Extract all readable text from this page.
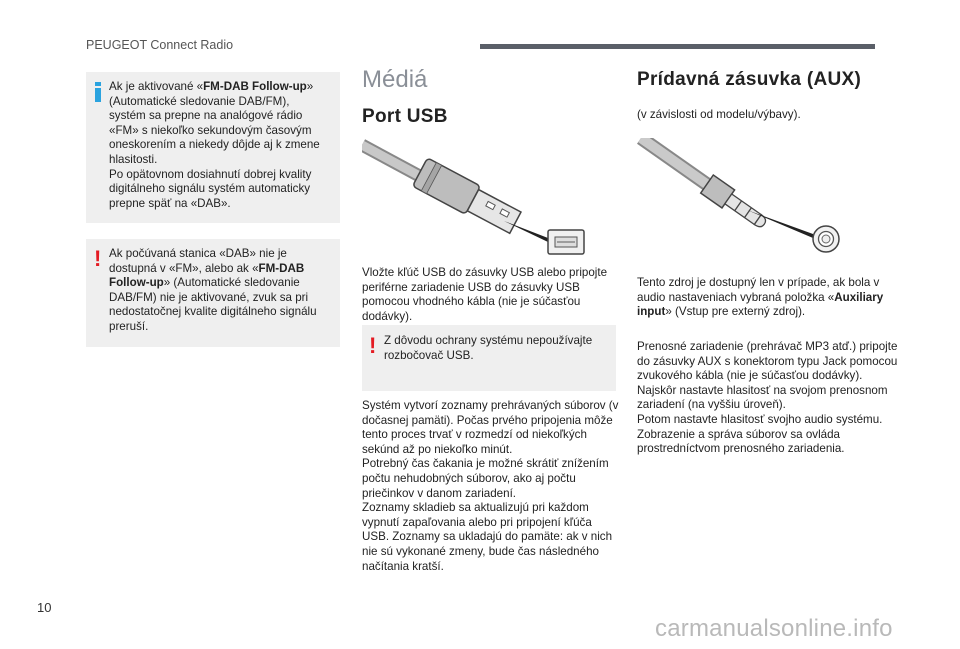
PEUGEOT Connect Radio
Ak je aktivované «FM-DAB Follow-up» (Automatické sledovanie DAB/FM), systém sa prepne na analógové rádio «FM» s niekoľko sekundovým časovým oneskorením a niekedy dôjde aj k zmene hlasitosti.
Po opätovnom dosiahnutí dobrej kvality digitálneho signálu systém automaticky prepne späť na «DAB».
! Ak počúvaná stanica «DAB» nie je dostupná v «FM», alebo ak «FM-DAB Follow-up» (Automatické sledovanie DAB/FM) nie je aktivované, zvuk sa pri nedostatočnej kvalite digitálneho signálu preruší.
Médiá
Port USB
Vložte kľúč USB do zásuvky USB alebo pripojte periférne zariadenie USB do zásuvky USB pomocou vhodného kábla (nie je súčasťou dodávky).
! Z dôvodu ochrany systému nepoužívajte rozbočovač USB.
Systém vytvorí zoznamy prehrávaných súborov (v dočasnej pamäti). Počas prvého pripojenia môže tento proces trvať v rozmedzí od niekoľkých sekúnd až po niekoľko minút.
Potrebný čas čakania je možné skrátiť znížením počtu nehudobných súborov, ako aj počtu priečinkov v danom zariadení.
Zoznamy skladieb sa aktualizujú pri každom vypnutí zapaľovania alebo pri pripojení kľúča USB. Zoznamy sa ukladajú do pamäte: ak v nich nie sú vykonané zmeny, bude čas následného načítania kratší.
Prídavná zásuvka (AUX)
(v závislosti od modelu/výbavy).
Tento zdroj je dostupný len v prípade, ak bola v audio nastaveniach vybraná položka «Auxiliary input» (Vstup pre externý zdroj).
Prenosné zariadenie (prehrávač MP3 atď.) pripojte do zásuvky AUX s konektorom typu Jack pomocou zvukového kábla (nie je súčasťou dodávky).
Najskôr nastavte hlasitosť na svojom prenosnom zariadení (na vyššiu úroveň).
Potom nastavte hlasitosť svojho audio systému.
Zobrazenie a správa súborov sa ovláda prostredníctvom prenosného zariadenia.
10
carmanualsonline.info
